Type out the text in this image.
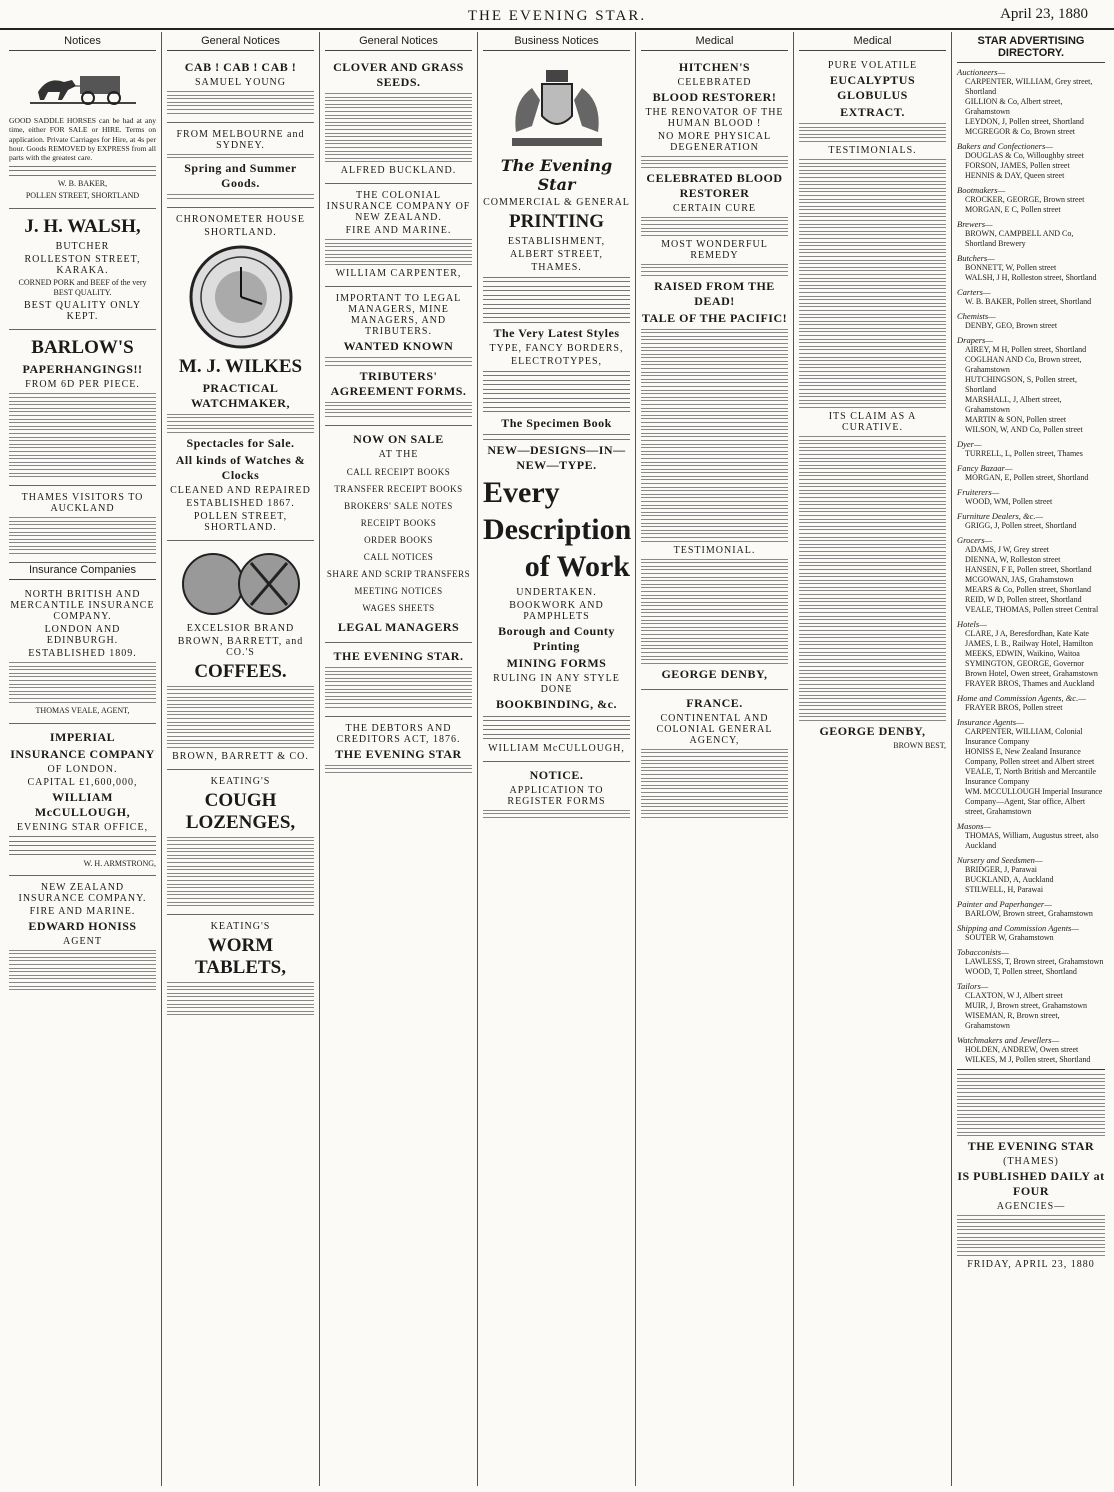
THE EVENING STAR.	April 23, 1880
Notices

GOOD SADDLE HORSES can be had at any time, either FOR SALE or HIRE. Terms on application. Private Carriages for Hire, at 4s per hour. Goods REMOVED by EXPRESS from all parts with the greatest care.

W. B. BAKER,
POLLEN STREET, SHORTLAND
J. H. WALSH,
BUTCHER
ROLLESTON STREET, KARAKA.

CORNED PORK and BEEF of the very BEST QUALITY.

BEST QUALITY ONLY KEPT.
BARLOW'S
PAPERHANGINGS!!
FROM 6D PER PIECE.
THAMES VISITORS TO AUCKLAND
Insurance Companies
NORTH BRITISH AND MERCANTILE INSURANCE COMPANY.
LONDON AND EDINBURGH.
ESTABLISHED 1809.
THOMAS VEALE, AGENT,
IMPERIAL
INSURANCE COMPANY
OF LONDON.
CAPITAL £1,600,000,
WILLIAM McCULLOUGH,
EVENING STAR OFFICE,
W. H. ARMSTRONG,
NEW ZEALAND INSURANCE COMPANY.
FIRE AND MARINE.
EDWARD HONISS
AGENT
General Notices
CAB ! CAB ! CAB !
SAMUEL YOUNG
FROM MELBOURNE and SYDNEY.
Spring and Summer Goods.
CHRONOMETER HOUSE
SHORTLAND.
M. J. WILKES
PRACTICAL WATCHMAKER,
Spectacles for Sale.
All kinds of Watches & Clocks
CLEANED AND REPAIRED
ESTABLISHED 1867.
POLLEN STREET, SHORTLAND.
EXCELSIOR BRAND
BROWN, BARRETT, and CO.'S
COFFEES.
BROWN, BARRETT & CO.
KEATING'S
COUGH LOZENGES,
KEATING'S
WORM TABLETS,
General Notices
CLOVER AND GRASS SEEDS.
ALFRED BUCKLAND.
THE COLONIAL INSURANCE COMPANY OF NEW ZEALAND.
FIRE AND MARINE.
WILLIAM CARPENTER,
IMPORTANT TO LEGAL MANAGERS, MINE MANAGERS, AND TRIBUTERS.
WANTED KNOWN
TRIBUTERS' AGREEMENT FORMS.
NOW ON SALE
AT THE
CALL RECEIPT BOOKS
TRANSFER RECEIPT BOOKS
BROKERS' SALE NOTES
RECEIPT BOOKS
ORDER BOOKS
CALL NOTICES
SHARE AND SCRIP TRANSFERS
MEETING NOTICES
WAGES SHEETS
LEGAL MANAGERS
THE EVENING STAR.
THE DEBTORS AND CREDITORS ACT, 1876.
THE EVENING STAR
Business Notices
The Evening Star
COMMERCIAL & GENERAL
PRINTING
ESTABLISHMENT,
ALBERT STREET,
THAMES.
The Very Latest Styles
TYPE, FANCY BORDERS,
ELECTROTYPES,
The Specimen Book
NEW—DESIGNS—IN—NEW—TYPE.
Every
Description
of Work
UNDERTAKEN.
BOOKWORK AND PAMPHLETS
Borough and County Printing
MINING FORMS
RULING IN ANY STYLE DONE
BOOKBINDING, &c.
WILLIAM McCULLOUGH,
NOTICE.
APPLICATION TO REGISTER FORMS
Medical
HITCHEN'S
CELEBRATED
BLOOD RESTORER!
THE RENOVATOR OF THE HUMAN BLOOD !
NO MORE PHYSICAL DEGENERATION
CELEBRATED BLOOD RESTORER
CERTAIN CURE
MOST WONDERFUL REMEDY
RAISED FROM THE DEAD!
TALE OF THE PACIFIC!
TESTIMONIAL.
GEORGE DENBY,
FRANCE.
CONTINENTAL AND COLONIAL GENERAL AGENCY,
Medical
PURE VOLATILE
EUCALYPTUS GLOBULUS
EXTRACT.
TESTIMONIALS.
ITS CLAIM AS A CURATIVE.
GEORGE DENBY,
BROWN BEST,
STAR ADVERTISING DIRECTORY.
Auctioneers—
CARPENTER, WILLIAM, Grey street, Shortland
GILLION & Co, Albert street, Grahamstown
LEYDON, J, Pollen street, Shortland
MCGREGOR & Co, Brown street
Bakers and Confectioners—
DOUGLAS & Co, Willoughby street
FORSON, JAMES, Pollen street
HENNIS & DAY, Queen street
Bootmakers—
CROCKER, GEORGE, Brown street
MORGAN, E C, Pollen street
Brewers—
BROWN, CAMPBELL AND Co, Shortland Brewery
Butchers—
BONNETT, W, Pollen street
WALSH, J H, Rolleston street, Shortland
Carters—
W. B. BAKER, Pollen street, Shortland
Chemists—
DENBY, GEO, Brown street
Drapers—
AIREY, M H, Pollen street, Shortland
COGLHAN AND Co, Brown street, Grahamstown
HUTCHINGSON, S, Pollen street, Shortland
MARSHALL, J, Albert street, Grahamstown
MARTIN & SON, Pollen street
WILSON, W, AND Co, Pollen street
Dyer—
TURRELL, L, Pollen street, Thames
Fancy Bazaar—
MORGAN, E, Pollen street, Shortland
Fruiterers—
WOOD, WM, Pollen street
Furniture Dealers, &c.—
GRIGG, J, Pollen street, Shortland
Grocers—
ADAMS, J W, Grey street
DIENNA, W, Rolleston street
HANSEN, F E, Pollen street, Shortland
MCGOWAN, JAS, Grahamstown
MEARS & Co, Pollen street, Shortland
REID, W D, Pollen street, Shortland
VEALE, THOMAS, Pollen street Central
Hotels—
CLARE, J A, Beresfordhan, Kate Kate
JAMES, I. B., Railway Hotel, Hamilton
MEEKS, EDWIN, Waikino, Waitoa
SYMINGTON, GEORGE, Governor Brown Hotel, Owen street, Grahamstown
FRAYER BROS, Thames and Auckland
Home and Commission Agents, &c.—
FRAYER BROS, Pollen street
Insurance Agents—
CARPENTER, WILLIAM, Colonial Insurance Company
HONISS E, New Zealand Insurance Company, Pollen street and Albert street
VEALE, T, North British and Mercantile Insurance Company
WM. MCCULLOUGH Imperial Insurance Company—Agent, Star office, Albert street, Grahamstown
Masons—
THOMAS, William, Augustus street, also Auckland
Nursery and Seedsmen—
BRIDGER, J, Parawai
BUCKLAND, A, Auckland
STILWELL, H, Parawai
Painter and Paperhanger—
BARLOW, Brown street, Grahamstown
Shipping and Commission Agents—
SOUTER W, Grahamstown
Tobacconists—
LAWLESS, T, Brown street, Grahamstown
WOOD, T, Pollen street, Shortland
Tailors—
CLAXTON, W J, Albert street
MUIR, J, Brown street, Grahamstown
WISEMAN, R, Brown street, Grahamstown
Watchmakers and Jewellers—
HOLDEN, ANDREW, Owen street
WILKES, M J, Pollen street, Shortland
THE EVENING STAR
(THAMES)
IS PUBLISHED DAILY at FOUR
AGENCIES—
FRIDAY, APRIL 23, 1880
